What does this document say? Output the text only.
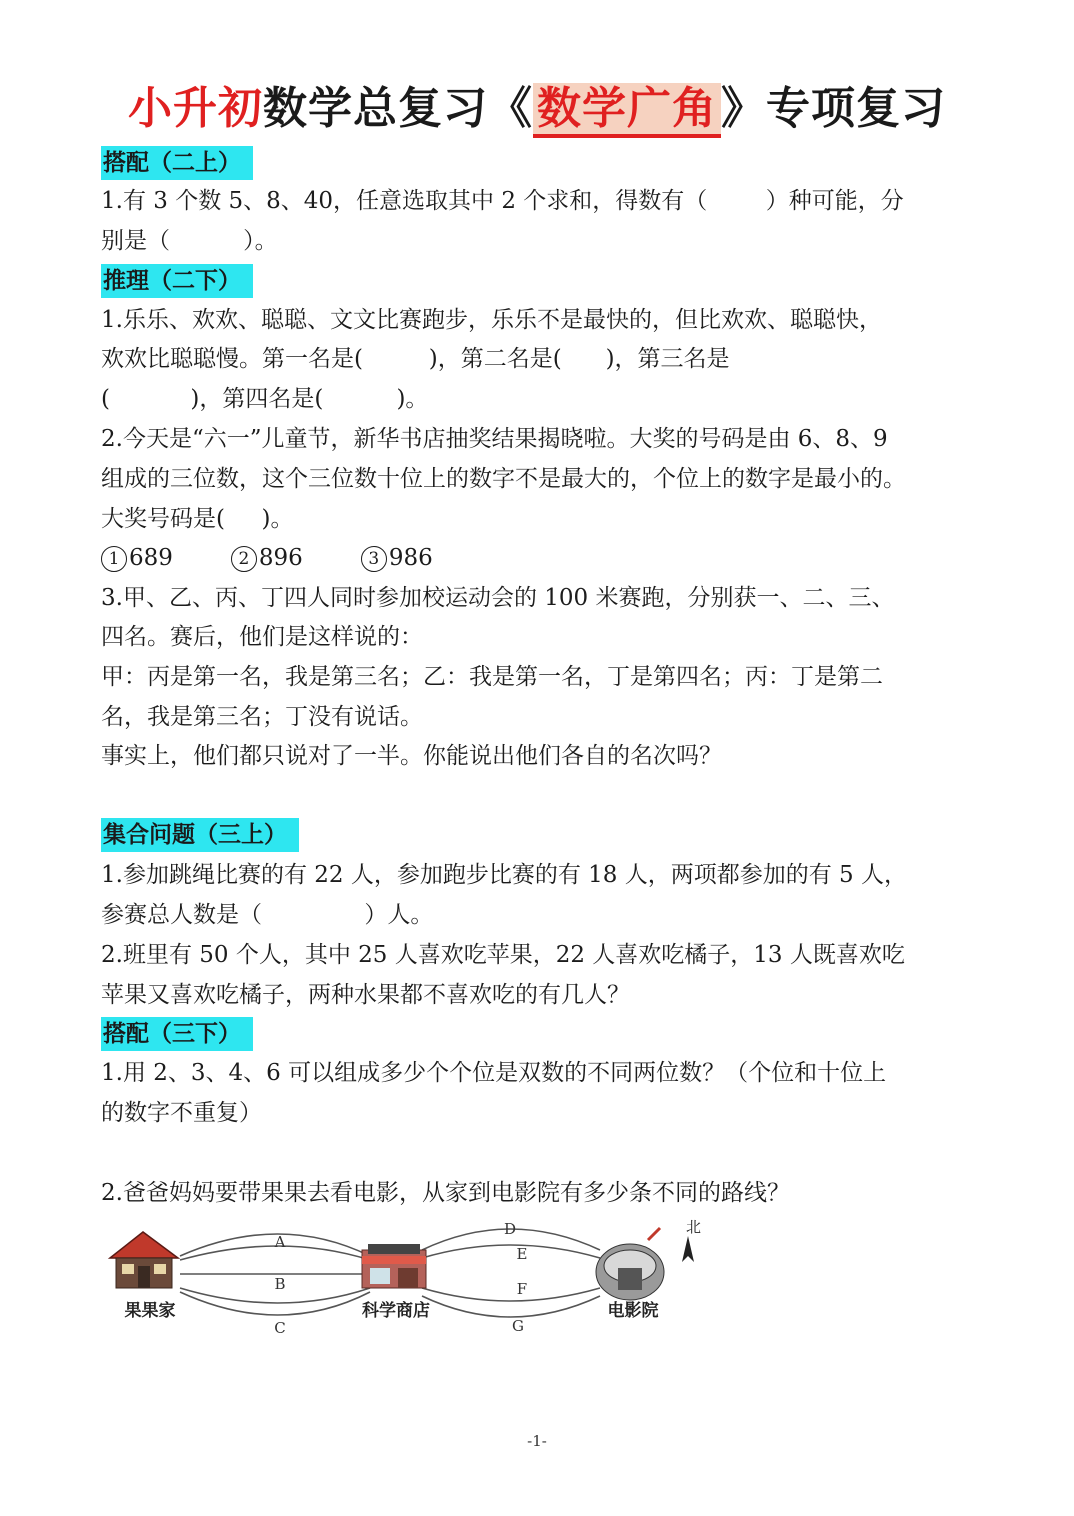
小升初数学总复习《数学广角》专项复习
搭配（二上）
1.有 3 个数 5、8、40，任意选取其中 2 个求和，得数有（        ）种可能，分
别是（          ）。
推理（二下）
1.乐乐、欢欢、聪聪、文文比赛跑步，乐乐不是最快的，但比欢欢、聪聪快，
欢欢比聪聪慢。第一名是(         )，第二名是(      )，第三名是
(           )，第四名是(          )。
2.今天是“六一”儿童节，新华书店抽奖结果揭晓啦。大奖的号码是由 6、8、9
组成的三位数，这个三位数十位上的数字不是最大的，个位上的数字是最小的。
大奖号码是(     )。
1 689	2 896	3 986
3.甲、乙、丙、丁四人同时参加校运动会的 100 米赛跑，分别获一、二、三、
四名。赛后，他们是这样说的：
甲：丙是第一名，我是第三名；乙：我是第一名，丁是第四名；丙：丁是第二
名，我是第三名；丁没有说话。
事实上，他们都只说对了一半。你能说出他们各自的名次吗？
集合问题（三上）
1.参加跳绳比赛的有 22 人，参加跑步比赛的有 18 人，两项都参加的有 5 人，
参赛总人数是（              ）人。
2.班里有 50 个人，其中 25 人喜欢吃苹果，22 人喜欢吃橘子，13 人既喜欢吃
苹果又喜欢吃橘子，两种水果都不喜欢吃的有几人？
搭配（三下）
1.用 2、3、4、6 可以组成多少个个位是双数的不同两位数？（个位和十位上
的数字不重复）
2.爸爸妈妈要带果果去看电影，从家到电影院有多少条不同的路线？
A
B
C
D
E
F
G
果果家	科学商店	电影院
北
-1-
